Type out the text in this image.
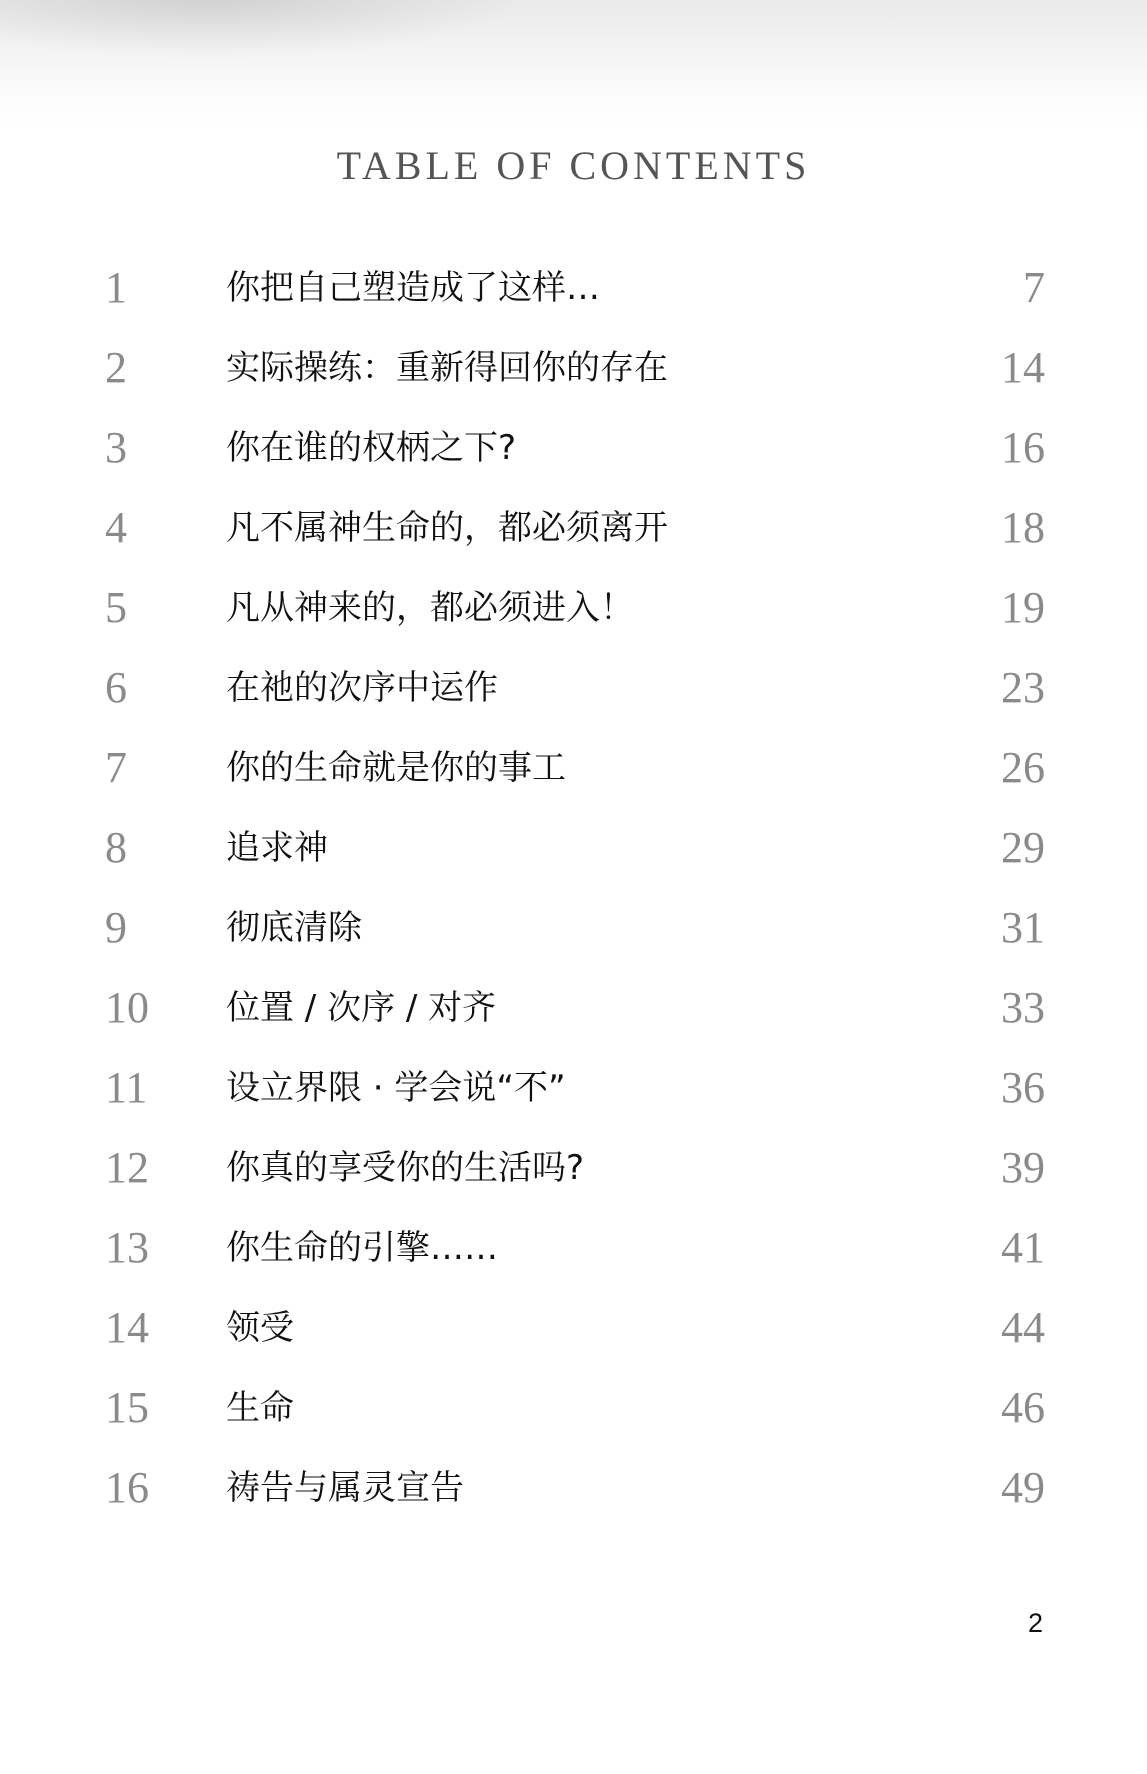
TABLE OF CONTENTS
1	你把自己塑造成了这样…	7
2	实际操练：重新得回你的存在	14
3	你在谁的权柄之下?	16
4	凡不属神生命的，都必须离开	18
5	凡从神来的，都必须进入！	19
6	在祂的次序中运作	23
7	你的生命就是你的事工	26
8	追求神	29
9	彻底清除	31
10 位置 / 次序 / 对齐	33
11 设立界限 · 学会说“不”	36
12 你真的享受你的生活吗?	39
13 你生命的引擎……	41
14 领受	44
15 生命	46
16 祷告与属灵宣告	49
2
